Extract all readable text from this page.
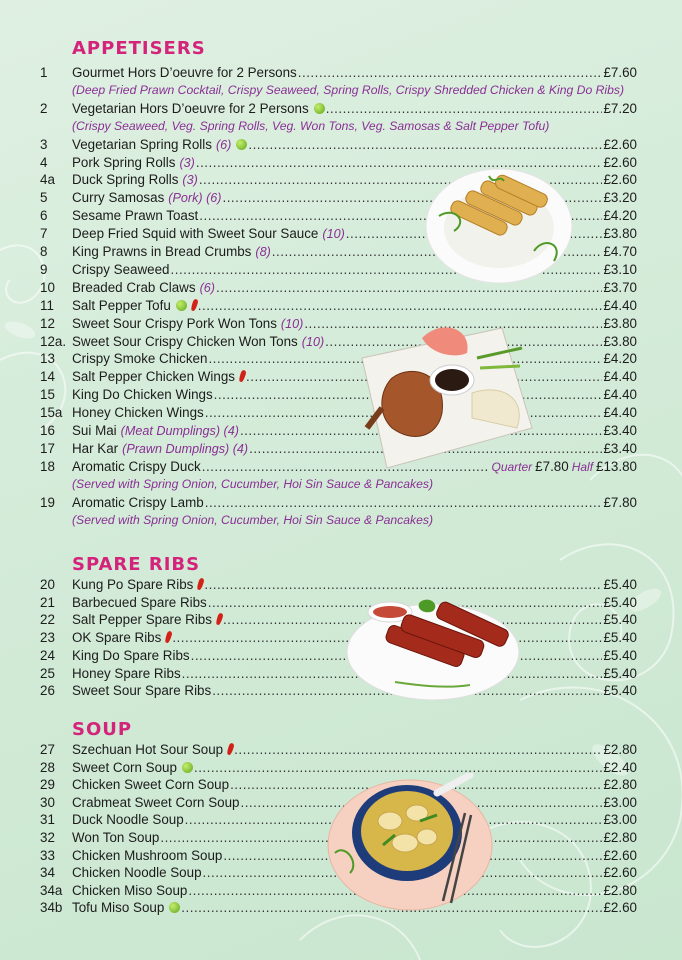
APPETISERS
1	Gourmet Hors D’oeuvre for 2 Persons .....	£7.60
(Deep Fried Prawn Cocktail, Crispy Seaweed, Spring Rolls, Crispy Shredded Chicken & King Do Ribs)
2	Vegetarian Hors D’oeuvre for 2 Persons .....	£7.20
(Crispy Seaweed, Veg. Spring Rolls, Veg. Won Tons, Veg. Samosas & Salt Pepper Tofu)
3	Vegetarian Spring Rolls (6) .....	£2.60
4	Pork Spring Rolls (3) .....	£2.60
4a	Duck Spring Rolls (3) .....	£2.60
5	Curry Samosas (Pork) (6) .....	£3.20
6	Sesame Prawn Toast .....	£4.20
7	Deep Fried Squid with Sweet Sour Sauce (10) .....	£3.80
8	King Prawns in Bread Crumbs (8) .....	£4.70
9	Crispy Seaweed .....	£3.10
10	Breaded Crab Claws (6) .....	£3.70
11	Salt Pepper Tofu .....	£4.40
12	Sweet Sour Crispy Pork Won Tons (10) .....	£3.80
12a. Sweet Sour Crispy Chicken Won Tons (10) .....	£3.80
13	Crispy Smoke Chicken .....	£4.20
14	Salt Pepper Chicken Wings .....	£4.40
15	King Do Chicken Wings .....	£4.40
15a Honey Chicken Wings .....	£4.40
16	Sui Mai (Meat Dumplings) (4) .....	£3.40
17	Har Kar (Prawn Dumplings) (4) .....	£3.40
18	Aromatic Crispy Duck .....	Quarter £7.80 Half £13.80
(Served with Spring Onion, Cucumber, Hoi Sin Sauce & Pancakes)
19	Aromatic Crispy Lamb .....	£7.80
(Served with Spring Onion, Cucumber, Hoi Sin Sauce & Pancakes)
SPARE RIBS
20	Kung Po Spare Ribs .....	£5.40
21	Barbecued Spare Ribs .....	£5.40
22	Salt Pepper Spare Ribs .....	£5.40
23	OK Spare Ribs .....	£5.40
24	King Do Spare Ribs .....	£5.40
25	Honey Spare Ribs .....	£5.40
26	Sweet Sour Spare Ribs .....	£5.40
SOUP
27	Szechuan Hot Sour Soup .....	£2.80
28	Sweet Corn Soup .....	£2.40
29	Chicken Sweet Corn Soup .....	£2.80
30	Crabmeat Sweet Corn Soup .....	£3.00
31	Duck Noodle Soup .....	£3.00
32	Won Ton Soup .....	£2.80
33	Chicken Mushroom Soup .....	£2.60
34	Chicken Noodle Soup .....	£2.60
34a Chicken Miso Soup .....	£2.80
34b Tofu Miso Soup .....	£2.60
